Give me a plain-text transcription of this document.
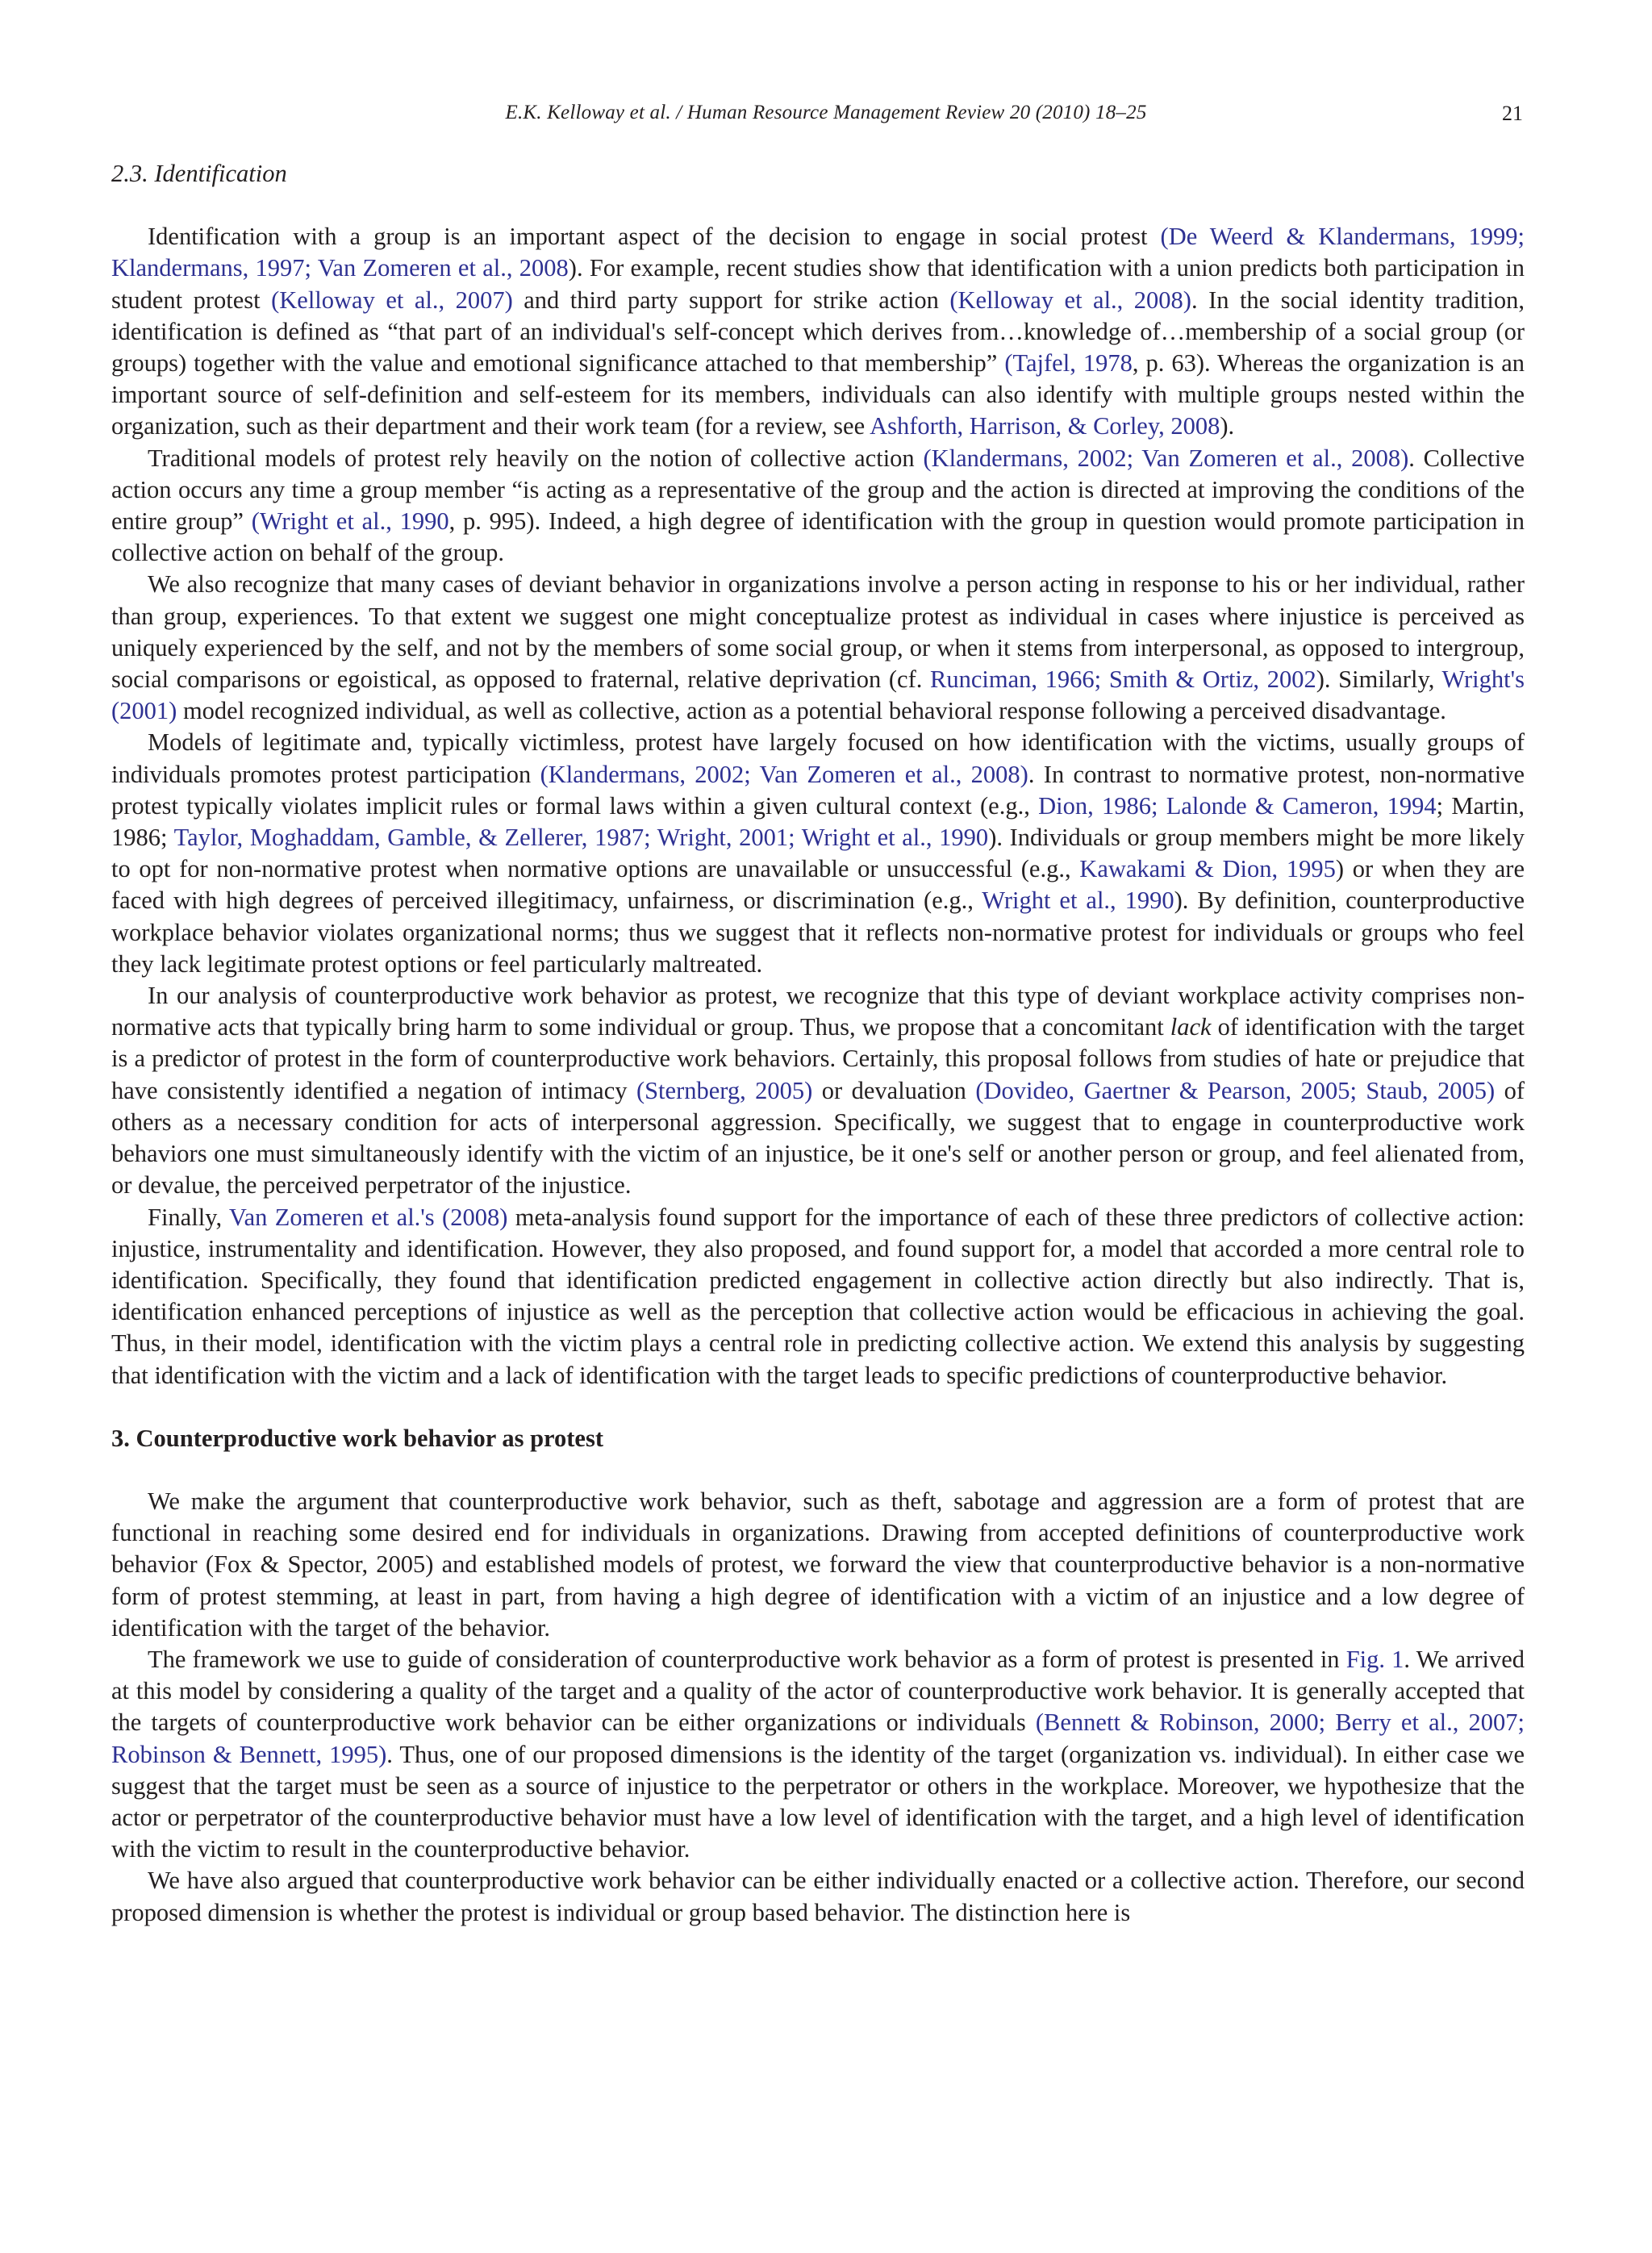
E.K. Kelloway et al. / Human Resource Management Review 20 (2010) 18–25	21
2.3. Identification

Identification with a group is an important aspect of the decision to engage in social protest (De Weerd & Klandermans, 1999; Klandermans, 1997; Van Zomeren et al., 2008). For example, recent studies show that identification with a union predicts both participation in student protest (Kelloway et al., 2007) and third party support for strike action (Kelloway et al., 2008). In the social identity tradition, identification is defined as “that part of an individual's self-concept which derives from…knowledge of…membership of a social group (or groups) together with the value and emotional significance attached to that membership” (Tajfel, 1978, p. 63). Whereas the organization is an important source of self-definition and self-esteem for its members, individuals can also identify with multiple groups nested within the organization, such as their department and their work team (for a review, see Ashforth, Harrison, & Corley, 2008).

Traditional models of protest rely heavily on the notion of collective action (Klandermans, 2002; Van Zomeren et al., 2008). Collective action occurs any time a group member “is acting as a representative of the group and the action is directed at improving the conditions of the entire group” (Wright et al., 1990, p. 995). Indeed, a high degree of identification with the group in question would promote participation in collective action on behalf of the group.

We also recognize that many cases of deviant behavior in organizations involve a person acting in response to his or her individual, rather than group, experiences. To that extent we suggest one might conceptualize protest as individual in cases where injustice is perceived as uniquely experienced by the self, and not by the members of some social group, or when it stems from interpersonal, as opposed to intergroup, social comparisons or egoistical, as opposed to fraternal, relative deprivation (cf. Runciman, 1966; Smith & Ortiz, 2002). Similarly, Wright's (2001) model recognized individual, as well as collective, action as a potential behavioral response following a perceived disadvantage.

Models of legitimate and, typically victimless, protest have largely focused on how identification with the victims, usually groups of individuals promotes protest participation (Klandermans, 2002; Van Zomeren et al., 2008). In contrast to normative protest, non-normative protest typically violates implicit rules or formal laws within a given cultural context (e.g., Dion, 1986; Lalonde & Cameron, 1994; Martin, 1986; Taylor, Moghaddam, Gamble, & Zellerer, 1987; Wright, 2001; Wright et al., 1990). Individuals or group members might be more likely to opt for non-normative protest when normative options are unavailable or unsuccessful (e.g., Kawakami & Dion, 1995) or when they are faced with high degrees of perceived illegitimacy, unfairness, or discrimination (e.g., Wright et al., 1990). By definition, counterproductive workplace behavior violates organizational norms; thus we suggest that it reflects non-normative protest for individuals or groups who feel they lack legitimate protest options or feel particularly maltreated.

In our analysis of counterproductive work behavior as protest, we recognize that this type of deviant workplace activity comprises non-normative acts that typically bring harm to some individual or group. Thus, we propose that a concomitant lack of identification with the target is a predictor of protest in the form of counterproductive work behaviors. Certainly, this proposal follows from studies of hate or prejudice that have consistently identified a negation of intimacy (Sternberg, 2005) or devaluation (Dovideo, Gaertner & Pearson, 2005; Staub, 2005) of others as a necessary condition for acts of interpersonal aggression. Specifically, we suggest that to engage in counterproductive work behaviors one must simultaneously identify with the victim of an injustice, be it one's self or another person or group, and feel alienated from, or devalue, the perceived perpetrator of the injustice.

Finally, Van Zomeren et al.'s (2008) meta-analysis found support for the importance of each of these three predictors of collective action: injustice, instrumentality and identification. However, they also proposed, and found support for, a model that accorded a more central role to identification. Specifically, they found that identification predicted engagement in collective action directly but also indirectly. That is, identification enhanced perceptions of injustice as well as the perception that collective action would be efficacious in achieving the goal. Thus, in their model, identification with the victim plays a central role in predicting collective action. We extend this analysis by suggesting that identification with the victim and a lack of identification with the target leads to specific predictions of counterproductive behavior.

3. Counterproductive work behavior as protest

We make the argument that counterproductive work behavior, such as theft, sabotage and aggression are a form of protest that are functional in reaching some desired end for individuals in organizations. Drawing from accepted definitions of counterproductive work behavior (Fox & Spector, 2005) and established models of protest, we forward the view that counterproductive behavior is a non-normative form of protest stemming, at least in part, from having a high degree of identification with a victim of an injustice and a low degree of identification with the target of the behavior.

The framework we use to guide of consideration of counterproductive work behavior as a form of protest is presented in Fig. 1. We arrived at this model by considering a quality of the target and a quality of the actor of counterproductive work behavior. It is generally accepted that the targets of counterproductive work behavior can be either organizations or individuals (Bennett & Robinson, 2000; Berry et al., 2007; Robinson & Bennett, 1995). Thus, one of our proposed dimensions is the identity of the target (organization vs. individual). In either case we suggest that the target must be seen as a source of injustice to the perpetrator or others in the workplace. Moreover, we hypothesize that the actor or perpetrator of the counterproductive behavior must have a low level of identification with the target, and a high level of identification with the victim to result in the counterproductive behavior.

We have also argued that counterproductive work behavior can be either individually enacted or a collective action. Therefore, our second proposed dimension is whether the protest is individual or group based behavior. The distinction here is
